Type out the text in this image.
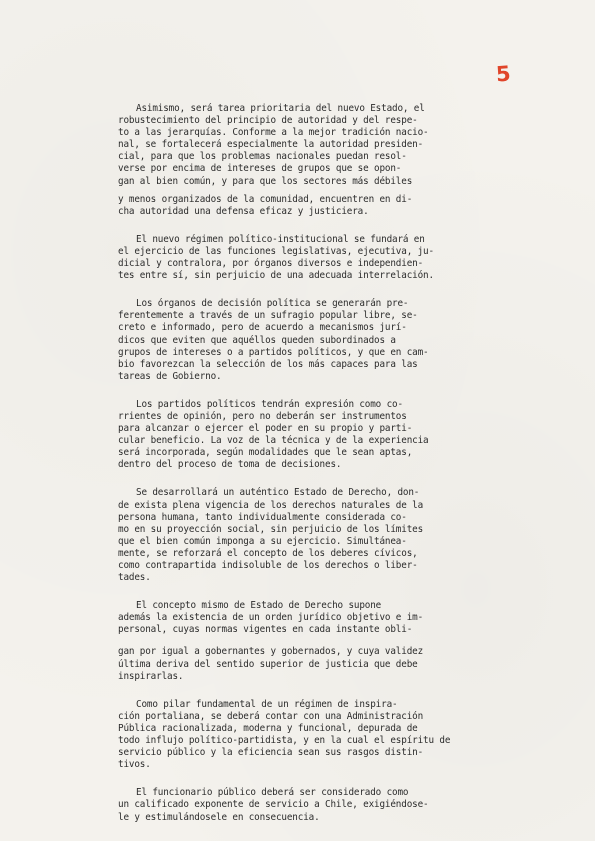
5
Asimismo, será tarea prioritaria del nuevo Estado, el
robustecimiento del principio de autoridad y del respe-
to a las jerarquías. Conforme a la mejor tradición nacio-
nal, se fortalecerá especialmente la autoridad presiden-
cial, para que los problemas nacionales puedan resol-
verse por encima de intereses de grupos que se opon-
gan al bien común, y para que los sectores más débiles
y menos organizados de la comunidad, encuentren en di-
cha autoridad una defensa eficaz y justiciera.
El nuevo régimen político-institucional se fundará en
el ejercicio de las funciones legislativas, ejecutiva, ju-
dicial y contralora, por órganos diversos e independien-
tes entre sí, sin perjuicio de una adecuada interrelación.
Los órganos de decisión política se generarán pre-
ferentemente a través de un sufragio popular libre, se-
creto e informado, pero de acuerdo a mecanismos jurí-
dicos que eviten que aquéllos queden subordinados a
grupos de intereses o a partidos políticos, y que en cam-
bio favorezcan la selección de los más capaces para las
tareas de Gobierno.
Los partidos políticos tendrán expresión como co-
rrientes de opinión, pero no deberán ser instrumentos
para alcanzar o ejercer el poder en su propio y parti-
cular beneficio. La voz de la técnica y de la experiencia
será incorporada, según modalidades que le sean aptas,
dentro del proceso de toma de decisiones.
Se desarrollará un auténtico Estado de Derecho, don-
de exista plena vigencia de los derechos naturales de la
persona humana, tanto individualmente considerada co-
mo en su proyección social, sin perjuicio de los límites
que el bien común imponga a su ejercicio. Simultánea-
mente, se reforzará el concepto de los deberes cívicos,
como contrapartida indisoluble de los derechos o liber-
tades.
El concepto mismo de Estado de Derecho supone
además la existencia de un orden jurídico objetivo e im-
personal, cuyas normas vigentes en cada instante obli-
gan por igual a gobernantes y gobernados, y cuya validez
última deriva del sentido superior de justicia que debe
inspirarlas.
Como pilar fundamental de un régimen de inspira-
ción portaliana, se deberá contar con una Administración
Pública racionalizada, moderna y funcional, depurada de
todo influjo político-partidista, y en la cual el espíritu de
servicio público y la eficiencia sean sus rasgos distin-
tivos.
El funcionario público deberá ser considerado como
un calificado exponente de servicio a Chile, exigiéndose-
le y estimulándosele en consecuencia.
